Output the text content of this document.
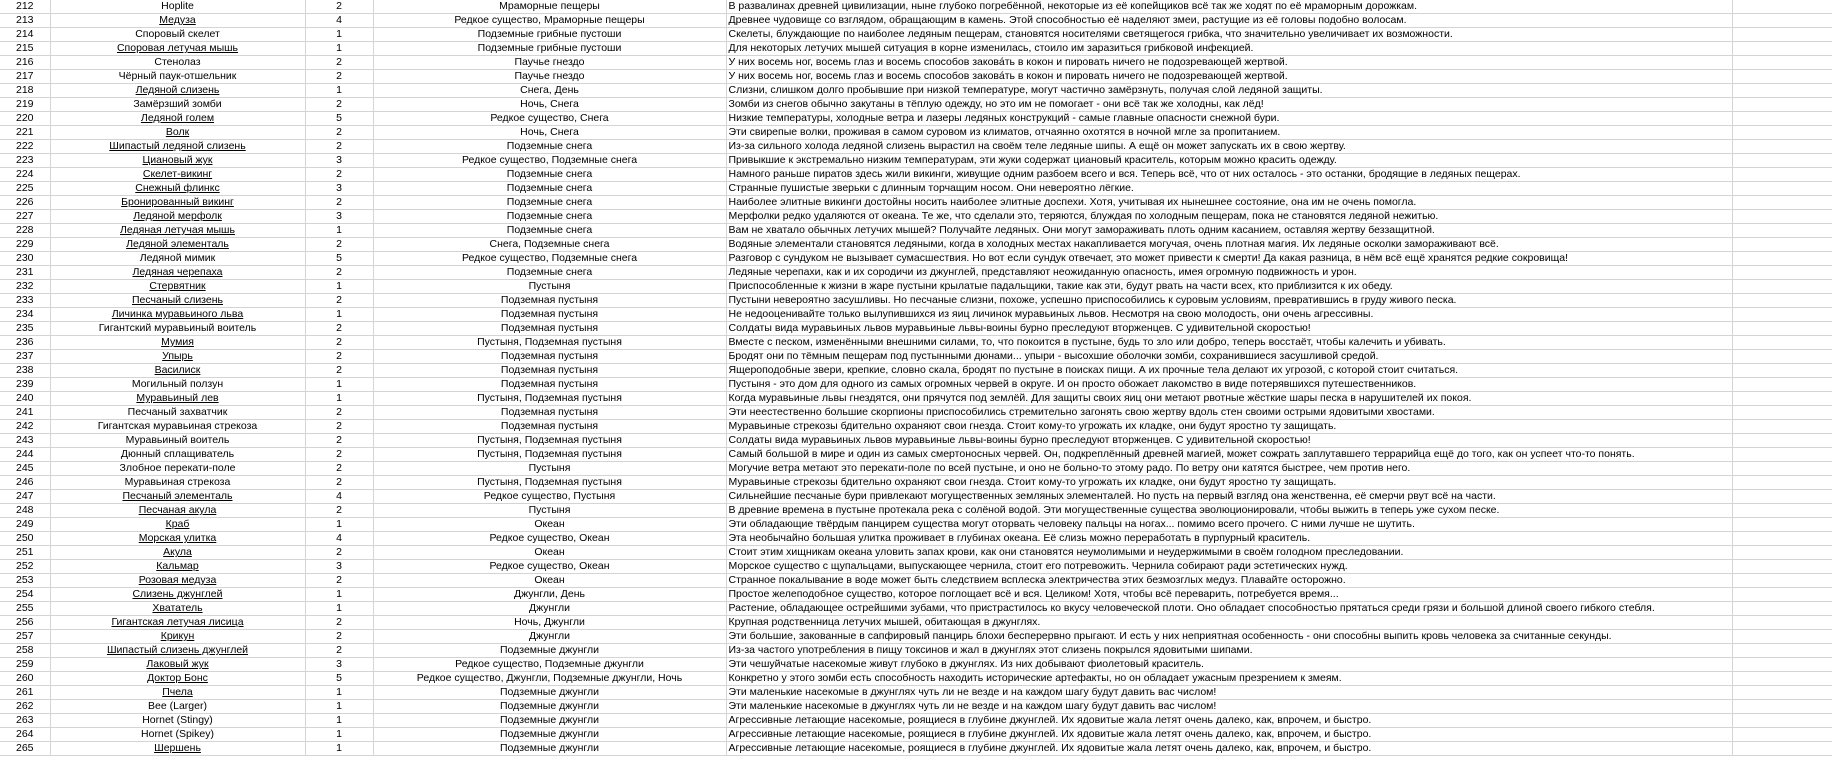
212	Hoplite	2	Мраморные пещеры	В развалинах древней цивилизации, ныне глубоко погребённой, некоторые из её копейщиков всё так же ходят по её мраморным дорожкам.	
213	Медуза	4	Редкое существо, Мраморные пещеры	Древнее чудовище со взглядом, обращающим в камень. Этой способностью её наделяют змеи, растущие из её головы подобно волосам.	
214	Споровый скелет	1	Подземные грибные пустоши	Скелеты, блуждающие по наиболее ледяным пещерам, становятся носителями светящегося грибка, что значительно увеличивает их возможности.	
215	Споровая летучая мышь	1	Подземные грибные пустоши	Для некоторых летучих мышей ситуация в корне изменилась, стоило им заразиться грибковой инфекцией.	
216	Стенолаз	2	Паучье гнездо	У них восемь ног, восемь глаз и восемь способов закова́ть в кокон и пировать ничего не подозревающей жертвой.	
217	Чёрный паук-отшельник	2	Паучье гнездо	У них восемь ног, восемь глаз и восемь способов закова́ть в кокон и пировать ничего не подозревающей жертвой.	
218	Ледяной слизень	1	Снега, День	Слизни, слишком долго пробывшие при низкой температуре, могут частично замёрзнуть, получая слой ледяной защиты.	
219	Замёрзший зомби	2	Ночь, Снега	Зомби из снегов обычно закутаны в тёплую одежду, но это им не помогает - они всё так же холодны, как лёд!	
220	Ледяной голем	5	Редкое существо, Снега	Низкие температуры, холодные ветра и лазеры ледяных конструкций - самые главные опасности снежной бури.	
221	Волк	2	Ночь, Снега	Эти свирепые волки, проживая в самом суровом из климатов, отчаянно охотятся в ночной мгле за пропитанием.	
222	Шипастый ледяной слизень	2	Подземные снега	Из-за сильного холода ледяной слизень вырастил на своём теле ледяные шипы. А ещё он может запускать их в свою жертву.	
223	Циановый жук	3	Редкое существо, Подземные снега	Привыкшие к экстремально низким температурам, эти жуки содержат циановый краситель, которым можно красить одежду.	
224	Скелет-викинг	2	Подземные снега	Намного раньше пиратов здесь жили викинги, живущие одним разбоем всего и вся. Теперь всё, что от них осталось - это останки, бродящие в ледяных пещерах.	
225	Снежный флинкс	3	Подземные снега	Странные пушистые зверьки с длинным торчащим носом. Они невероятно лёгкие.	
226	Бронированный викинг	2	Подземные снега	Наиболее элитные викинги достойны носить наиболее элитные доспехи. Хотя, учитывая их нынешнее состояние, она им не очень помогла.	
227	Ледяной мерфолк	3	Подземные снега	Мерфолки редко удаляются от океана. Те же, что сделали это, теряются, блуждая по холодным пещерам, пока не становятся ледяной нежитью.	
228	Ледяная летучая мышь	1	Подземные снега	Вам не хватало обычных летучих мышей? Получайте ледяных. Они могут замораживать плоть одним касанием, оставляя жертву беззащитной.	
229	Ледяной элементаль	2	Снега, Подземные снега	Водяные элементали становятся ледяными, когда в холодных местах накапливается могучая, очень плотная магия. Их ледяные осколки замораживают всё.	
230	Ледяной мимик	5	Редкое существо, Подземные снега	Разговор с сундуком не вызывает сумасшествия. Но вот если сундук отвечает, это может привести к смерти! Да какая разница, в нём всё ещё хранятся редкие сокровища!	
231	Ледяная черепаха	2	Подземные снега	Ледяные черепахи, как и их сородичи из джунглей, представляют неожиданную опасность, имея огромную подвижность и урон.	
232	Стервятник	1	Пустыня	Приспособленные к жизни в жаре пустыни крылатые падальщики, такие как эти, будут рвать на части всех, кто приблизится к их обеду.	
233	Песчаный слизень	2	Подземная пустыня	Пустыни невероятно засушливы. Но песчаные слизни, похоже, успешно приспособились к суровым условиям, превратившись в груду живого песка.	
234	Личинка муравьиного льва	1	Подземная пустыня	Не недооценивайте только вылупившихся из яиц личинок муравьиных львов. Несмотря на свою молодость, они очень агрессивны.	
235	Гигантский муравьиный воитель	2	Подземная пустыня	Солдаты вида муравьиных львов муравьиные львы-воины бурно преследуют вторженцев. С удивительной скоростью!	
236	Мумия	2	Пустыня, Подземная пустыня	Вместе с песком, изменёнными внешними силами, то, что покоится в пустыне, будь то зло или добро, теперь восстаёт, чтобы калечить и убивать.	
237	Упырь	2	Подземная пустыня	Бродят они по тёмным пещерам под пустынными дюнами... упыри - высохшие оболочки зомби, сохранившиеся засушливой средой.	
238	Василиск	2	Подземная пустыня	Ящероподобные звери, крепкие, словно скала, бродят по пустыне в поисках пищи. А их прочные тела делают их угрозой, с которой стоит считаться.	
239	Могильный ползун	1	Подземная пустыня	Пустыня - это дом для одного из самых огромных червей в округе. И он просто обожает лакомство в виде потерявшихся путешественников.	
240	Муравьиный лев	1	Пустыня, Подземная пустыня	Когда муравьиные львы гнездятся, они прячутся под землёй. Для защиты своих яиц они метают рвотные жёсткие шары песка в нарушителей их покоя.	
241	Песчаный захватчик	2	Подземная пустыня	Эти неестественно большие скорпионы приспособились стремительно загонять свою жертву вдоль стен своими острыми ядовитыми хвостами.	
242	Гигантская муравьиная стрекоза	2	Подземная пустыня	Муравьиные стрекозы бдительно охраняют свои гнезда. Стоит кому-то угрожать их кладке, они будут яростно ту защищать.	
243	Муравьиный воитель	2	Пустыня, Подземная пустыня	Солдаты вида муравьиных львов муравьиные львы-воины бурно преследуют вторженцев. С удивительной скоростью!	
244	Дюнный сплащиватель	2	Пустыня, Подземная пустыня	Самый большой в мире и один из самых смертоносных червей. Он, подкреплённый древней магией, может сожрать заплутавшего террарийца ещё до того, как он успеет что-то понять.	
245	Злобное перекати-поле	2	Пустыня	Могучие ветра метают это перекати-поле по всей пустыне, и оно не больно-то этому радо. По ветру они катятся быстрее, чем против него.	
246	Муравьиная стрекоза	2	Пустыня, Подземная пустыня	Муравьиные стрекозы бдительно охраняют свои гнезда. Стоит кому-то угрожать их кладке, они будут яростно ту защищать.	
247	Песчаный элементаль	4	Редкое существо, Пустыня	Сильнейшие песчаные бури привлекают могущественных земляных элементалей. Но пусть на первый взгляд она женственна, её смерчи рвут всё на части.	
248	Песчаная акула	2	Пустыня	В древние времена в пустыне протекала река с солёной водой. Эти могущественные существа эволюционировали, чтобы выжить в теперь уже сухом песке.	
249	Краб	1	Океан	Эти обладающие твёрдым панцирем существа могут оторвать человеку пальцы на ногах... помимо всего прочего. С ними лучше не шутить.	
250	Морская улитка	4	Редкое существо, Океан	Эта необычайно большая улитка проживает в глубинах океана. Её слизь можно переработать в пурпурный краситель.	
251	Акула	2	Океан	Стоит этим хищникам океана уловить запах крови, как они становятся неумолимыми и неудержимыми в своём голодном преследовании.	
252	Кальмар	3	Редкое существо, Океан	Морское существо с щупальцами, выпускающее чернила, стоит его потревожить. Чернила собирают ради эстетических нужд.	
253	Розовая медуза	2	Океан	Странное покалывание в воде может быть следствием всплеска электричества этих безмозглых медуз. Плавайте осторожно.	
254	Слизень джунглей	1	Джунгли, День	Простое желеподобное существо, которое поглощает всё и вся. Целиком! Хотя, чтобы всё переварить, потребуется время...	
255	Хвататель	1	Джунгли	Растение, обладающее острейшими зубами, что пристрастилось ко вкусу человеческой плоти. Оно обладает способностью прятаться среди грязи и большой длиной своего гибкого стебля.	
256	Гигантская летучая лисица	2	Ночь, Джунгли	Крупная родственница летучих мышей, обитающая в джунглях.	
257	Крикун	2	Джунгли	Эти большие, закованные в сапфировый панцирь блохи бесперервно прыгают. И есть у них неприятная особенность - они способны выпить кровь человека за считанные секунды.	
258	Шипастый слизень джунглей	2	Подземные джунгли	Из-за частого употребления в пищу токсинов и жал в джунглях этот слизень покрылся ядовитыми шипами.	
259	Лаковый жук	3	Редкое существо, Подземные джунгли	Эти чешуйчатые насекомые живут глубоко в джунглях. Из них добывают фиолетовый краситель.	
260	Доктор Бонс	5	Редкое существо, Джунгли, Подземные джунгли, Ночь	Конкретно у этого зомби есть способность находить исторические артефакты, но он обладает ужасным презрением к змеям.	
261	Пчела	1	Подземные джунгли	Эти маленькие насекомые в джунглях чуть ли не везде и на каждом шагу будут давить вас числом!	
262	Bee (Larger)	1	Подземные джунгли	Эти маленькие насекомые в джунглях чуть ли не везде и на каждом шагу будут давить вас числом!	
263	Hornet (Stingy)	1	Подземные джунгли	Агрессивные летающие насекомые, роящиеся в глубине джунглей. Их ядовитые жала летят очень далеко, как, впрочем, и быстро.	
264	Hornet (Spikey)	1	Подземные джунгли	Агрессивные летающие насекомые, роящиеся в глубине джунглей. Их ядовитые жала летят очень далеко, как, впрочем, и быстро.	
265	Шершень	1	Подземные джунгли	Агрессивные летающие насекомые, роящиеся в глубине джунглей. Их ядовитые жала летят очень далеко, как, впрочем, и быстро.	
